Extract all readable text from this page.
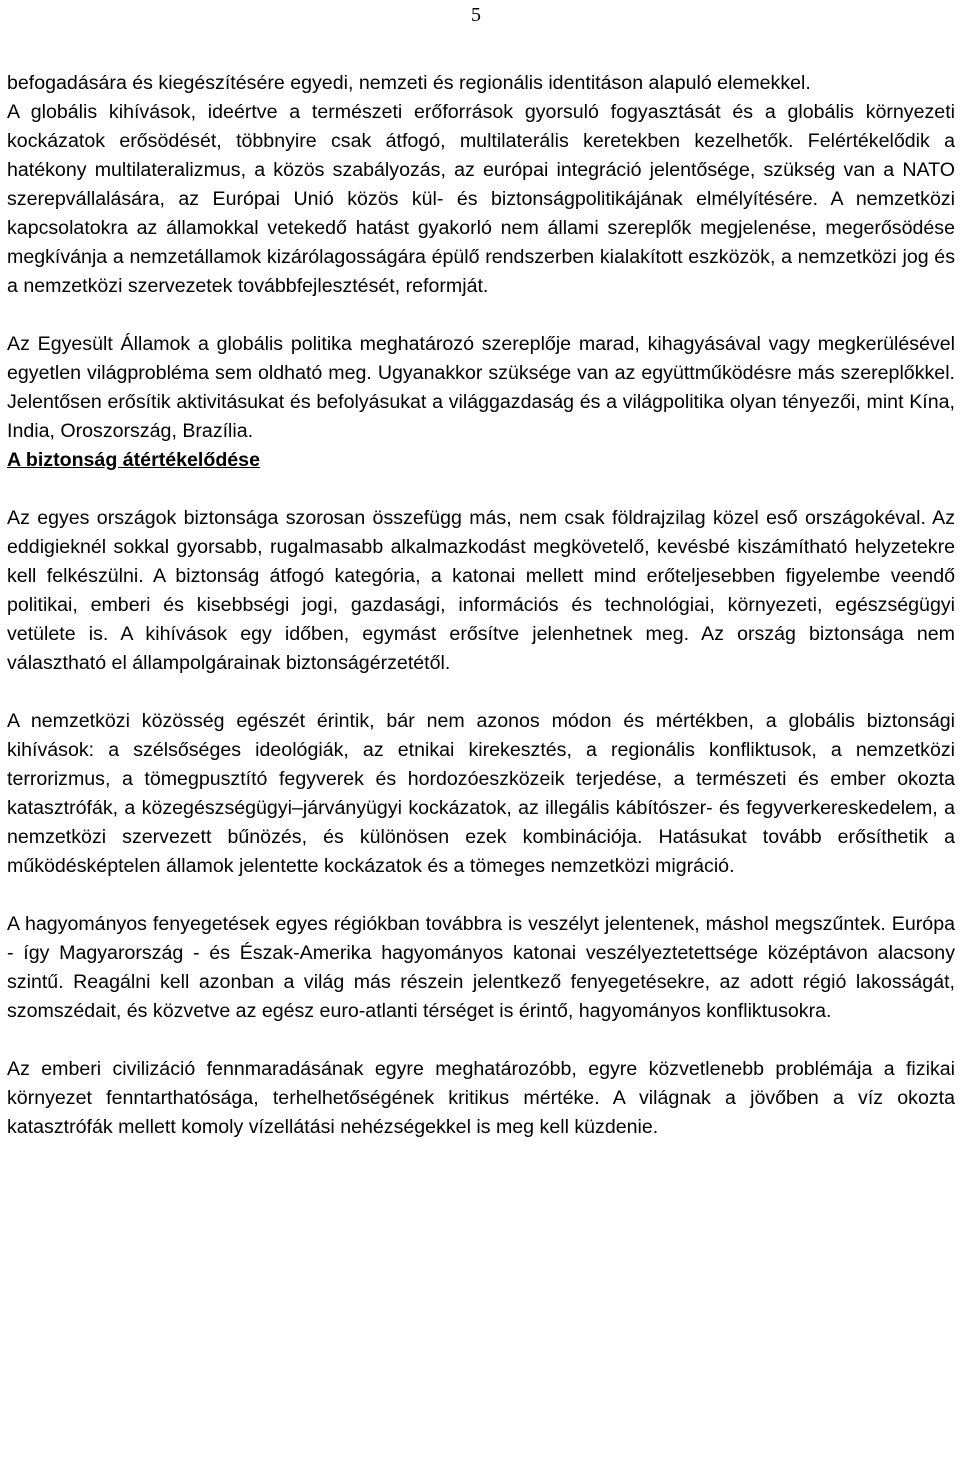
5

befogadására és kiegészítésére egyedi, nemzeti és regionális identitáson alapuló elemekkel.

A globális kihívások, ideértve a természeti erőforrások gyorsuló fogyasztását és a globális környezeti kockázatok erősödését, többnyire csak átfogó, multilaterális keretekben kezelhetők. Felértékelődik a hatékony multilateralizmus, a közös szabályozás, az európai integráció jelentősége, szükség van a NATO szerepvállalására, az Európai Unió közös kül- és biztonságpolitikájának elmélyítésére. A nemzetközi kapcsolatokra az államokkal vetekedő hatást gyakorló nem állami szereplők megjelenése, megerősödése megkívánja a nemzetállamok kizárólagosságára épülő rendszerben kialakított eszközök, a nemzetközi jog és a nemzetközi szervezetek továbbfejlesztését, reformját.

Az Egyesült Államok a globális politika meghatározó szereplője marad, kihagyásával vagy megkerülésével egyetlen világprobléma sem oldható meg. Ugyanakkor szüksége van az együttműködésre más szereplőkkel. Jelentősen erősítik aktivitásukat és befolyásukat a világgazdaság és a világpolitika olyan tényezői, mint Kína, India, Oroszország, Brazília.

A biztonság átértékelődése

Az egyes országok biztonsága szorosan összefügg más, nem csak földrajzilag közel eső országokéval. Az eddigieknél sokkal gyorsabb, rugalmasabb alkalmazkodást megkövetelő, kevésbé kiszámítható helyzetekre kell felkészülni. A biztonság átfogó kategória, a katonai mellett mind erőteljesebben figyelembe veendő politikai, emberi és kisebbségi jogi, gazdasági, információs és technológiai, környezeti, egészségügyi vetülete is. A kihívások egy időben, egymást erősítve jelenhetnek meg. Az ország biztonsága nem választható el állampolgárainak biztonságérzetétől.

A nemzetközi közösség egészét érintik, bár nem azonos módon és mértékben, a globális biztonsági kihívások: a szélsőséges ideológiák, az etnikai kirekesztés, a regionális konfliktusok, a nemzetközi terrorizmus, a tömegpusztító fegyverek és hordozóeszközeik terjedése, a természeti és ember okozta katasztrófák, a közegészségügyi–járványügyi kockázatok, az illegális kábítószer- és fegyverkereskedelem, a nemzetközi szervezett bűnözés, és különösen ezek kombinációja. Hatásukat tovább erősíthetik a működésképtelen államok jelentette kockázatok és a tömeges nemzetközi migráció.

A hagyományos fenyegetések egyes régiókban továbbra is veszélyt jelentenek, máshol megszűntek. Európa - így Magyarország - és Észak-Amerika hagyományos katonai veszélyeztetettsége középtávon alacsony szintű. Reagálni kell azonban a világ más részein jelentkező fenyegetésekre, az adott régió lakosságát, szomszédait, és közvetve az egész euro-atlanti térséget is érintő, hagyományos konfliktusokra.

Az emberi civilizáció fennmaradásának egyre meghatározóbb, egyre közvetlenebb problémája a fizikai környezet fenntarthatósága, terhelhetőségének kritikus mértéke. A világnak a jövőben a víz okozta katasztrófák mellett komoly vízellátási nehézségekkel is meg kell küzdenie.
